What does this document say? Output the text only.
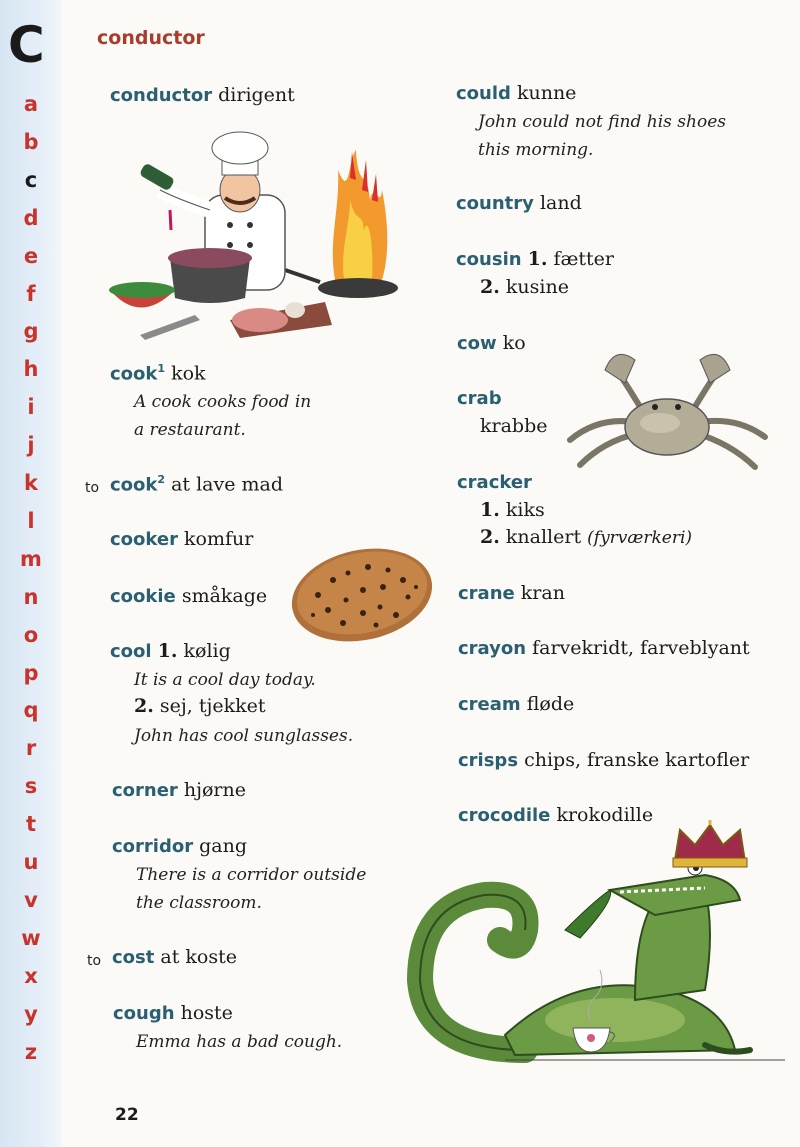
C
a
b
c
d
e
f
g
h
i
j
k
l
m
n
o
p
q
r
s
t
u
v
w
x
y
z
conductor
conductor dirigent
cook$^1$ kok
A cook cooks food in
a restaurant.
to cook$^2$ at lave mad
cooker komfur
cookie småkage
cool 1. kølig
It is a cool day today.
2. sej, tjekket
John has cool sunglasses.
corner hjørne
corridor gang
There is a corridor outside
the classroom.
to cost at koste
cough hoste
Emma has a bad cough.
could kunne
John could not find his shoes
this morning.
country land
cousin 1. fætter
2. kusine
cow ko
crab
krabbe
cracker
1. kiks
2. knallert (fyrværkeri)
crane kran
crayon farvekridt, farveblyant
cream fløde
crisps chips, franske kartofler
crocodile krokodille
22
